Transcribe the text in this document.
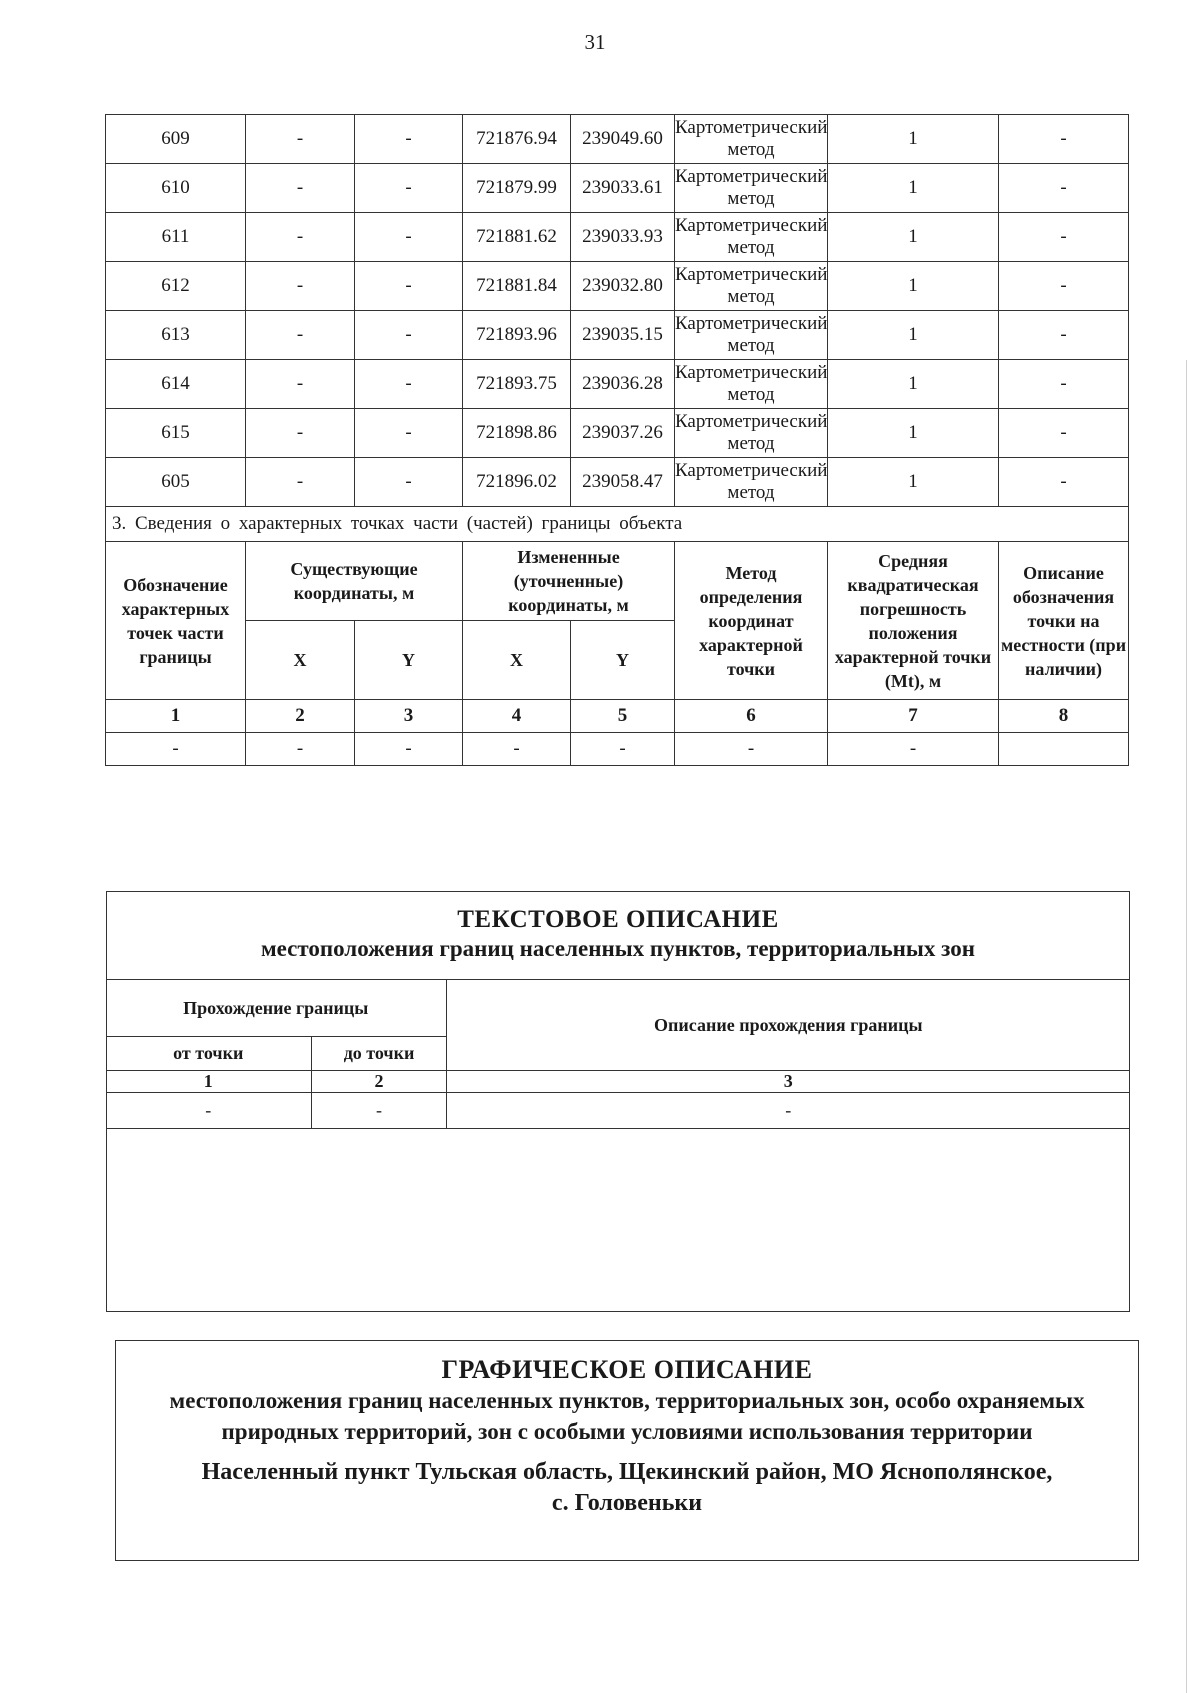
31
609	-	-	721876.94	239049.60	Картометрический метод	1	-
610	-	-	721879.99	239033.61	Картометрический метод	1	-
611	-	-	721881.62	239033.93	Картометрический метод	1	-
612	-	-	721881.84	239032.80	Картометрический метод	1	-
613	-	-	721893.96	239035.15	Картометрический метод	1	-
614	-	-	721893.75	239036.28	Картометрический метод	1	-
615	-	-	721898.86	239037.26	Картометрический метод	1	-
605	-	-	721896.02	239058.47	Картометрический метод	1	-
3. Сведения о характерных точках части (частей) границы объекта							
Обозначение характерных точек части границы	Существующие координаты, м		Измененные (уточненные) координаты, м		Метод определения координат характерной точки	Средняя квадратическая погрешность положения характерной точки (Mt), м	Описание обозначения точки на местности (при наличии)
	X	Y	X	Y			
1	2	3	4	5	6	7	8
-	-	-	-	-	-	-	
ТЕКСТОВОЕ ОПИСАНИЕ
местоположения границ населенных пунктов, территориальных зон
Прохождение границы		Описание прохождения границы
от точки	до точки	
1	2	3
-	-	-
ГРАФИЧЕСКОЕ ОПИСАНИЕ
местоположения границ населенных пунктов, территориальных зон, особо охраняемых природных территорий, зон с особыми условиями использования территории
Населенный пункт Тульская область, Щекинский район, МО Яснополянское,
с. Головеньки
